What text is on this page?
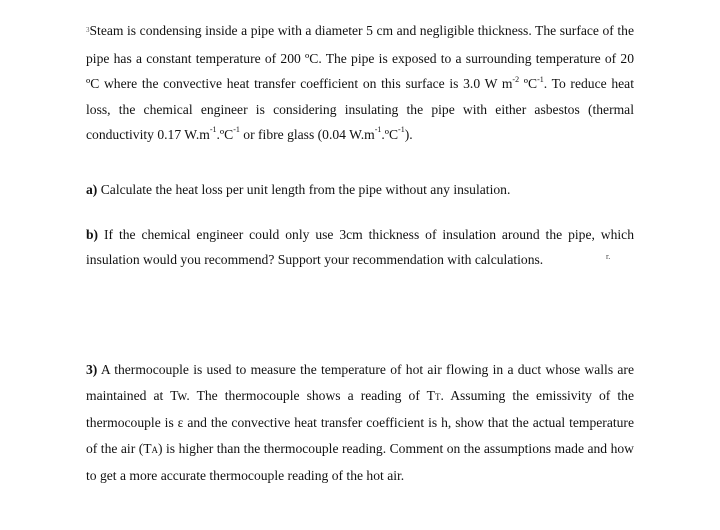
$^3$Steam is condensing inside a pipe with a diameter 5 cm and negligible thickness. The surface of the pipe has a constant temperature of 200 ºC. The pipe is exposed to a surrounding temperature of 20 ºC where the convective heat transfer coefficient on this surface is 3.0 W $m^{-2}$ ºC$^{-1}$. To reduce heat loss, the chemical engineer is considering insulating the pipe with either asbestos (thermal conductivity 0.17 $W.m^{-1}.ºC^{-1}$ or fibre glass (0.04 $W.m^{-1}.ºC^{-1}$).

a) Calculate the heat loss per unit length from the pipe without any insulation.

b) If the chemical engineer could only use 3cm thickness of insulation around the pipe, which insulation would you recommend? Support your recommendation with calculations.

3) A thermocouple is used to measure the temperature of hot air flowing in a duct whose walls are maintained at Tw. The thermocouple shows a reading of TT. Assuming the emissivity of the thermocouple is ε and the convective heat transfer coefficient is h, show that the actual temperature of the air (TA) is higher than the thermocouple reading. Comment on the assumptions made and how to get a more accurate thermocouple reading of the hot air.

r.
